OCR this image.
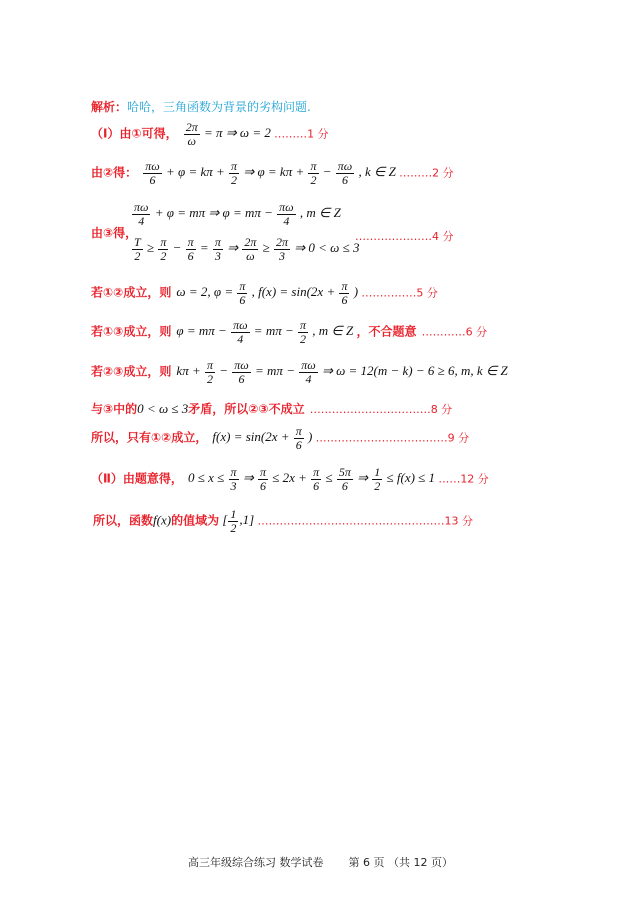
解析：哈哈，三角函数为背景的劣构问题.
（Ⅰ）由①可得， $\frac{2\pi}{\omega} = \pi$ ⇒ ω = 2 ………1 分
由②得： $\frac{\pi\omega}{6} + \varphi = k\pi + \frac{\pi}{2}$ ⇒ $\varphi = k\pi + \frac{\pi}{2} - \frac{\pi\omega}{6}$ , k ∈ Z ………2 分
由③得，
$\frac{\pi\omega}{4} + \varphi = m\pi$ ⇒ $\varphi = m\pi - \frac{\pi\omega}{4}$ , m ∈ Z
$\frac{T}{2} \ge \frac{\pi}{2} - \frac{\pi}{6} = \frac{\pi}{3}$ ⇒ $\frac{2\pi}{\omega} \ge \frac{2\pi}{3}$ ⇒ 0 < ω ≤ 3
…………………4 分
若①②成立，则 ω = 2, $\varphi = \frac{\pi}{6}$ , $f(x) = \sin(2x + \frac{\pi}{6}$ ) ……………5 分
若①③成立，则 $\varphi = m\pi - \frac{\pi\omega}{4} = m\pi - \frac{\pi}{2}$ , m ∈ Z ，不合题意 …………6 分
若②③成立，则 $k\pi + \frac{\pi}{2} - \frac{\pi\omega}{6} = m\pi - \frac{\pi\omega}{4}$ ⇒ ω = 12(m − k) − 6 ≥ 6, m, k ∈ Z
与③中的0 < ω ≤ 3矛盾，所以②③不成立 ……………………………8 分
所以，只有①②成立， $f(x) = \sin(2x + \frac{\pi}{6}$ ) ………………………………9 分
（Ⅱ）由题意得， $0 \le x \le \frac{\pi}{3}$ ⇒ $\frac{\pi}{6} \le 2x + \frac{\pi}{6} \le \frac{5\pi}{6}$ ⇒ $\frac{1}{2} \le f(x) \le 1$ ……12 分
所以，函数f(x)的值域为 [ $\frac{1}{2} ,1$] ……………………………………………13 分
高三年级综合练习 数学试卷 第 6 页 （共 12 页）
